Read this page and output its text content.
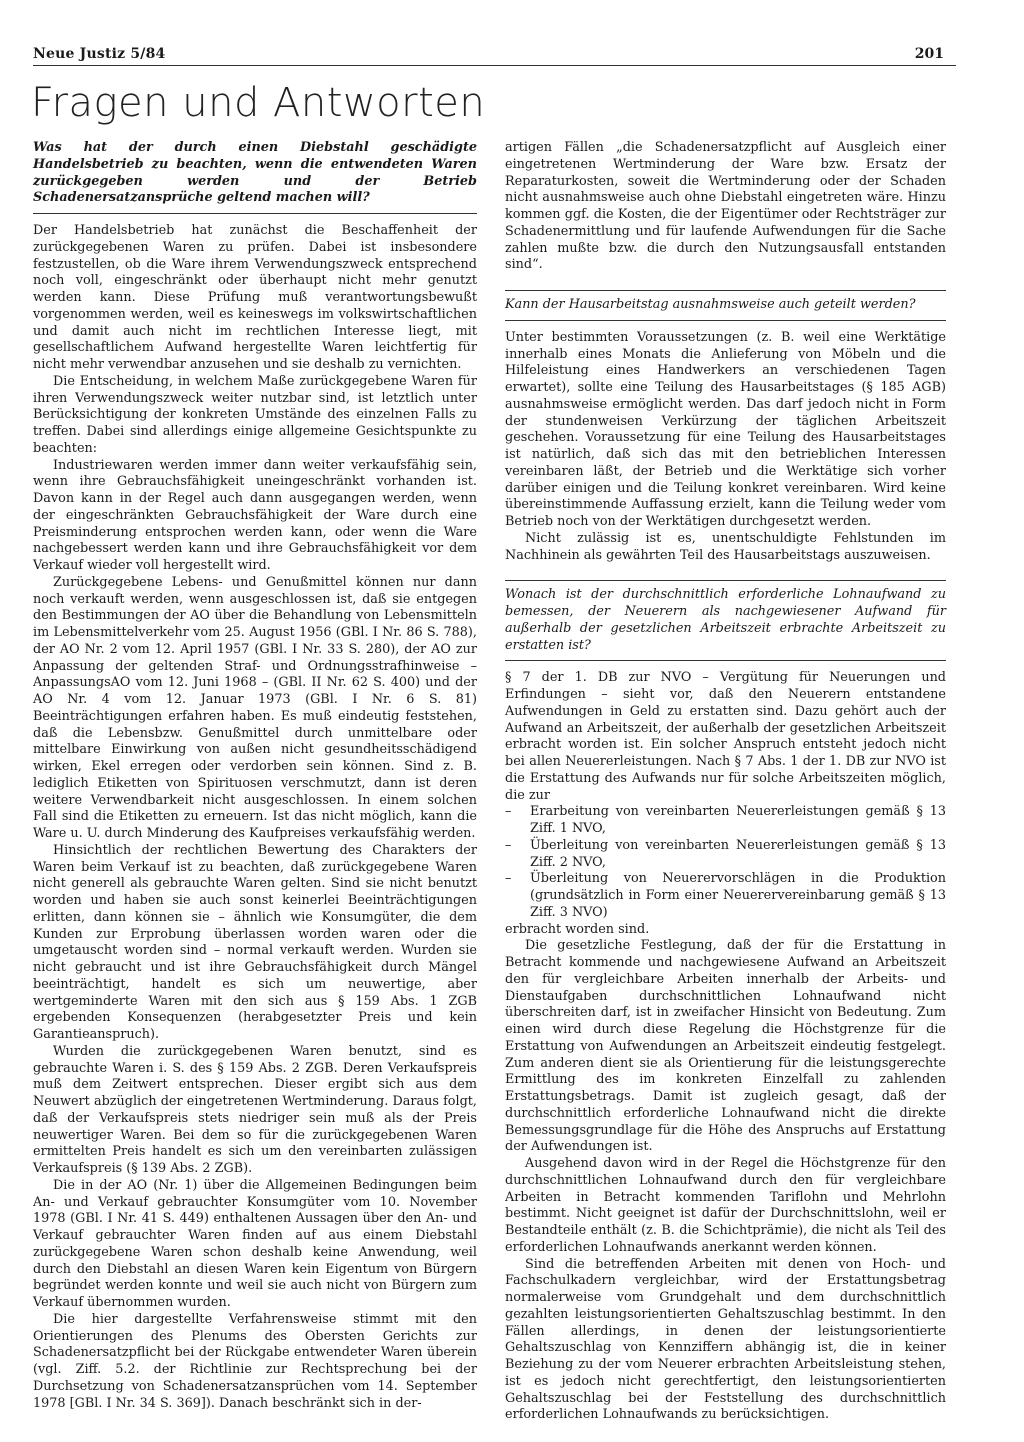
Neue Justiz 5/84	201
Fragen und Antworten

Was hat der durch einen Diebstahl geschädigte Handelsbetrieb zu beachten, wenn die entwendeten Waren zurückgegeben werden und der Betrieb Schadenersatzansprüche geltend machen will?

Der Handelsbetrieb hat zunächst die Beschaffenheit der zurückgegebenen Waren zu prüfen. Dabei ist insbesondere festzustellen, ob die Ware ihrem Verwendungszweck entsprechend noch voll, eingeschränkt oder überhaupt nicht mehr genutzt werden kann. Diese Prüfung muß verantwortungsbewußt vorgenommen werden, weil es keineswegs im volkswirtschaftlichen und damit auch nicht im rechtlichen Interesse liegt, mit gesellschaftlichem Aufwand hergestellte Waren leichtfertig für nicht mehr verwendbar anzusehen und sie deshalb zu vernichten.

Die Entscheidung, in welchem Maße zurückgegebene Waren für ihren Verwendungszweck weiter nutzbar sind, ist letztlich unter Berücksichtigung der konkreten Umstände des einzelnen Falls zu treffen. Dabei sind allerdings einige allgemeine Gesichtspunkte zu beachten:

Industriewaren werden immer dann weiter verkaufsfähig sein, wenn ihre Gebrauchsfähigkeit uneingeschränkt vorhanden ist. Davon kann in der Regel auch dann ausgegangen werden, wenn der eingeschränkten Gebrauchsfähigkeit der Ware durch eine Preisminderung entsprochen werden kann, oder wenn die Ware nachgebessert werden kann und ihre Gebrauchsfähigkeit vor dem Verkauf wieder voll hergestellt wird.

Zurückgegebene Lebens- und Genußmittel können nur dann noch verkauft werden, wenn ausgeschlossen ist, daß sie entgegen den Bestimmungen der AO über die Behandlung von Lebensmitteln im Lebensmittelverkehr vom 25. August 1956 (GBl. I Nr. 86 S. 788), der AO Nr. 2 vom 12. April 1957 (GBl. I Nr. 33 S. 280), der AO zur Anpassung der geltenden Straf- und Ordnungsstrafhinweise – AnpassungsAO vom 12. Juni 1968 – (GBl. II Nr. 62 S. 400) und der AO Nr. 4 vom 12. Januar 1973 (GBl. I Nr. 6 S. 81) Beeinträchtigungen erfahren haben. Es muß eindeutig feststehen, daß die Lebensbzw. Genußmittel durch unmittelbare oder mittelbare Einwirkung von außen nicht gesundheitsschädigend wirken, Ekel erregen oder verdorben sein können. Sind z. B. lediglich Etiketten von Spirituosen verschmutzt, dann ist deren weitere Verwendbarkeit nicht ausgeschlossen. In einem solchen Fall sind die Etiketten zu erneuern. Ist das nicht möglich, kann die Ware u. U. durch Minderung des Kaufpreises verkaufsfähig werden.

Hinsichtlich der rechtlichen Bewertung des Charakters der Waren beim Verkauf ist zu beachten, daß zurückgegebene Waren nicht generell als gebrauchte Waren gelten. Sind sie nicht benutzt worden und haben sie auch sonst keinerlei Beeinträchtigungen erlitten, dann können sie – ähnlich wie Konsumgüter, die dem Kunden zur Erprobung überlassen worden waren oder die umgetauscht worden sind – normal verkauft werden. Wurden sie nicht gebraucht und ist ihre Gebrauchsfähigkeit durch Mängel beeinträchtigt, handelt es sich um neuwertige, aber wertgeminderte Waren mit den sich aus § 159 Abs. 1 ZGB ergebenden Konsequenzen (herabgesetzter Preis und kein Garantieanspruch).

Wurden die zurückgegebenen Waren benutzt, sind es gebrauchte Waren i. S. des § 159 Abs. 2 ZGB. Deren Verkaufspreis muß dem Zeitwert entsprechen. Dieser ergibt sich aus dem Neuwert abzüglich der eingetretenen Wertminderung. Daraus folgt, daß der Verkaufspreis stets niedriger sein muß als der Preis neuwertiger Waren. Bei dem so für die zurückgegebenen Waren ermittelten Preis handelt es sich um den vereinbarten zulässigen Verkaufspreis (§ 139 Abs. 2 ZGB).

Die in der AO (Nr. 1) über die Allgemeinen Bedingungen beim An- und Verkauf gebrauchter Konsumgüter vom 10. November 1978 (GBl. I Nr. 41 S. 449) enthaltenen Aussagen über den An- und Verkauf gebrauchter Waren finden auf aus einem Diebstahl zurückgegebene Waren schon deshalb keine Anwendung, weil durch den Diebstahl an diesen Waren kein Eigentum von Bürgern begründet werden konnte und weil sie auch nicht von Bürgern zum Verkauf übernommen wurden.

Die hier dargestellte Verfahrensweise stimmt mit den Orientierungen des Plenums des Obersten Gerichts zur Schadenersatzpflicht bei der Rückgabe entwendeter Waren überein (vgl. Ziff. 5.2. der Richtlinie zur Rechtsprechung bei der Durchsetzung von Schadenersatzansprüchen vom 14. September 1978 [GBl. I Nr. 34 S. 369]). Danach beschränkt sich in der-

artigen Fällen „die Schadenersatzpflicht auf Ausgleich einer eingetretenen Wertminderung der Ware bzw. Ersatz der Reparaturkosten, soweit die Wertminderung oder der Schaden nicht ausnahmsweise auch ohne Diebstahl eingetreten wäre. Hinzu kommen ggf. die Kosten, die der Eigentümer oder Rechtsträger zur Schadenermittlung und für laufende Aufwendungen für die Sache zahlen mußte bzw. die durch den Nutzungsausfall entstanden sind“.

Kann der Hausarbeitstag ausnahmsweise auch geteilt werden?

Unter bestimmten Voraussetzungen (z. B. weil eine Werktätige innerhalb eines Monats die Anlieferung von Möbeln und die Hilfeleistung eines Handwerkers an verschiedenen Tagen erwartet), sollte eine Teilung des Hausarbeitstages (§ 185 AGB) ausnahmsweise ermöglicht werden. Das darf jedoch nicht in Form der stundenweisen Verkürzung der täglichen Arbeitszeit geschehen. Voraussetzung für eine Teilung des Hausarbeitstages ist natürlich, daß sich das mit den betrieblichen Interessen vereinbaren läßt, der Betrieb und die Werktätige sich vorher darüber einigen und die Teilung konkret vereinbaren. Wird keine übereinstimmende Auffassung erzielt, kann die Teilung weder vom Betrieb noch von der Werktätigen durchgesetzt werden.

Nicht zulässig ist es, unentschuldigte Fehlstunden im Nachhinein als gewährten Teil des Hausarbeitstags auszuweisen.

Wonach ist der durchschnittlich erforderliche Lohnaufwand zu bemessen, der Neuerern als nachgewiesener Aufwand für außerhalb der gesetzlichen Arbeitszeit erbrachte Arbeitszeit zu erstatten ist?

§ 7 der 1. DB zur NVO – Vergütung für Neuerungen und Erfindungen – sieht vor, daß den Neuerern entstandene Aufwendungen in Geld zu erstatten sind. Dazu gehört auch der Aufwand an Arbeitszeit, der außerhalb der gesetzlichen Arbeitszeit erbracht worden ist. Ein solcher Anspruch entsteht jedoch nicht bei allen Neuererleistungen. Nach § 7 Abs. 1 der 1. DB zur NVO ist die Erstattung des Aufwands nur für solche Arbeitszeiten möglich, die zur

– Erarbeitung von vereinbarten Neuererleistungen gemäß § 13 Ziff. 1 NVO,
– Überleitung von vereinbarten Neuererleistungen gemäß § 13 Ziff. 2 NVO,
– Überleitung von Neuerervorschlägen in die Produktion (grundsätzlich in Form einer Neuerervereinbarung gemäß § 13 Ziff. 3 NVO)

erbracht worden sind.

Die gesetzliche Festlegung, daß der für die Erstattung in Betracht kommende und nachgewiesene Aufwand an Arbeitszeit den für vergleichbare Arbeiten innerhalb der Arbeits- und Dienstaufgaben durchschnittlichen Lohnaufwand nicht überschreiten darf, ist in zweifacher Hinsicht von Bedeutung. Zum einen wird durch diese Regelung die Höchstgrenze für die Erstattung von Aufwendungen an Arbeitszeit eindeutig festgelegt. Zum anderen dient sie als Orientierung für die leistungsgerechte Ermittlung des im konkreten Einzelfall zu zahlenden Erstattungsbetrags. Damit ist zugleich gesagt, daß der durchschnittlich erforderliche Lohnaufwand nicht die direkte Bemessungsgrundlage für die Höhe des Anspruchs auf Erstattung der Aufwendungen ist.

Ausgehend davon wird in der Regel die Höchstgrenze für den durchschnittlichen Lohnaufwand durch den für vergleichbare Arbeiten in Betracht kommenden Tariflohn und Mehrlohn bestimmt. Nicht geeignet ist dafür der Durchschnittslohn, weil er Bestandteile enthält (z. B. die Schichtprämie), die nicht als Teil des erforderlichen Lohnaufwands anerkannt werden können.

Sind die betreffenden Arbeiten mit denen von Hoch- und Fachschulkadern vergleichbar, wird der Erstattungsbetrag normalerweise vom Grundgehalt und dem durchschnittlich gezahlten leistungsorientierten Gehaltszuschlag bestimmt. In den Fällen allerdings, in denen der leistungsorientierte Gehaltszuschlag von Kennziffern abhängig ist, die in keiner Beziehung zu der vom Neuerer erbrachten Arbeitsleistung stehen, ist es jedoch nicht gerechtfertigt, den leistungsorientierten Gehaltszuschlag bei der Feststellung des durchschnittlich erforderlichen Lohnaufwands zu berücksichtigen.
